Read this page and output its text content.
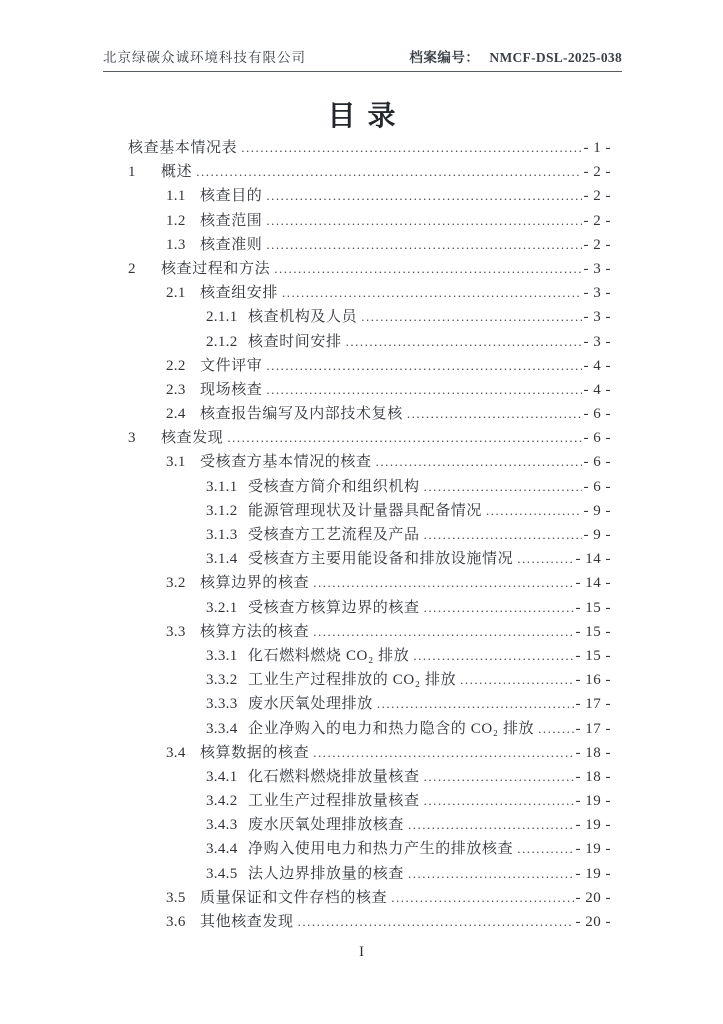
北京绿碳众诚环境科技有限公司	档案编号： NMCF-DSL-2025-038
目录
核查基本情况表 .....	- 1 -
1	概述 .....	- 2 -
1.1 核查目的 .....	- 2 -
1.2 核查范围 .....	- 2 -
1.3 核查准则 .....	- 2 -
2	核查过程和方法 .....	- 3 -
2.1 核查组安排 .....	- 3 -
2.1.1 核查机构及人员 .....	- 3 -
2.1.2 核查时间安排 .....	- 3 -
2.2 文件评审 .....	- 4 -
2.3 现场核查 .....	- 4 -
2.4 核查报告编写及内部技术复核 .....	- 6 -
3	核查发现 .....	- 6 -
3.1 受核查方基本情况的核查 .....	- 6 -
3.1.1 受核查方简介和组织机构 .....	- 6 -
3.1.2 能源管理现状及计量器具配备情况 .....	- 9 -
3.1.3 受核查方工艺流程及产品 .....	- 9 -
3.1.4 受核查方主要用能设备和排放设施情况 .....	- 14 -
3.2 核算边界的核查 .....	- 14 -
3.2.1 受核查方核算边界的核查 .....	- 15 -
3.3 核算方法的核查 .....	- 15 -
3.3.1 化石燃料燃烧 CO₂ 排放 .....	- 15 -
3.3.2 工业生产过程排放的 CO₂ 排放 .....	- 16 -
3.3.3 废水厌氧处理排放 .....	- 17 -
3.3.4 企业净购入的电力和热力隐含的 CO₂ 排放 .....	- 17 -
3.4 核算数据的核查 .....	- 18 -
3.4.1 化石燃料燃烧排放量核查 .....	- 18 -
3.4.2 工业生产过程排放量核查 .....	- 19 -
3.4.3 废水厌氧处理排放核查 .....	- 19 -
3.4.4 净购入使用电力和热力产生的排放核查 .....	- 19 -
3.4.5 法人边界排放量的核查 .....	- 19 -
3.5 质量保证和文件存档的核查 .....	- 20 -
3.6 其他核查发现 .....	- 20 -
I
